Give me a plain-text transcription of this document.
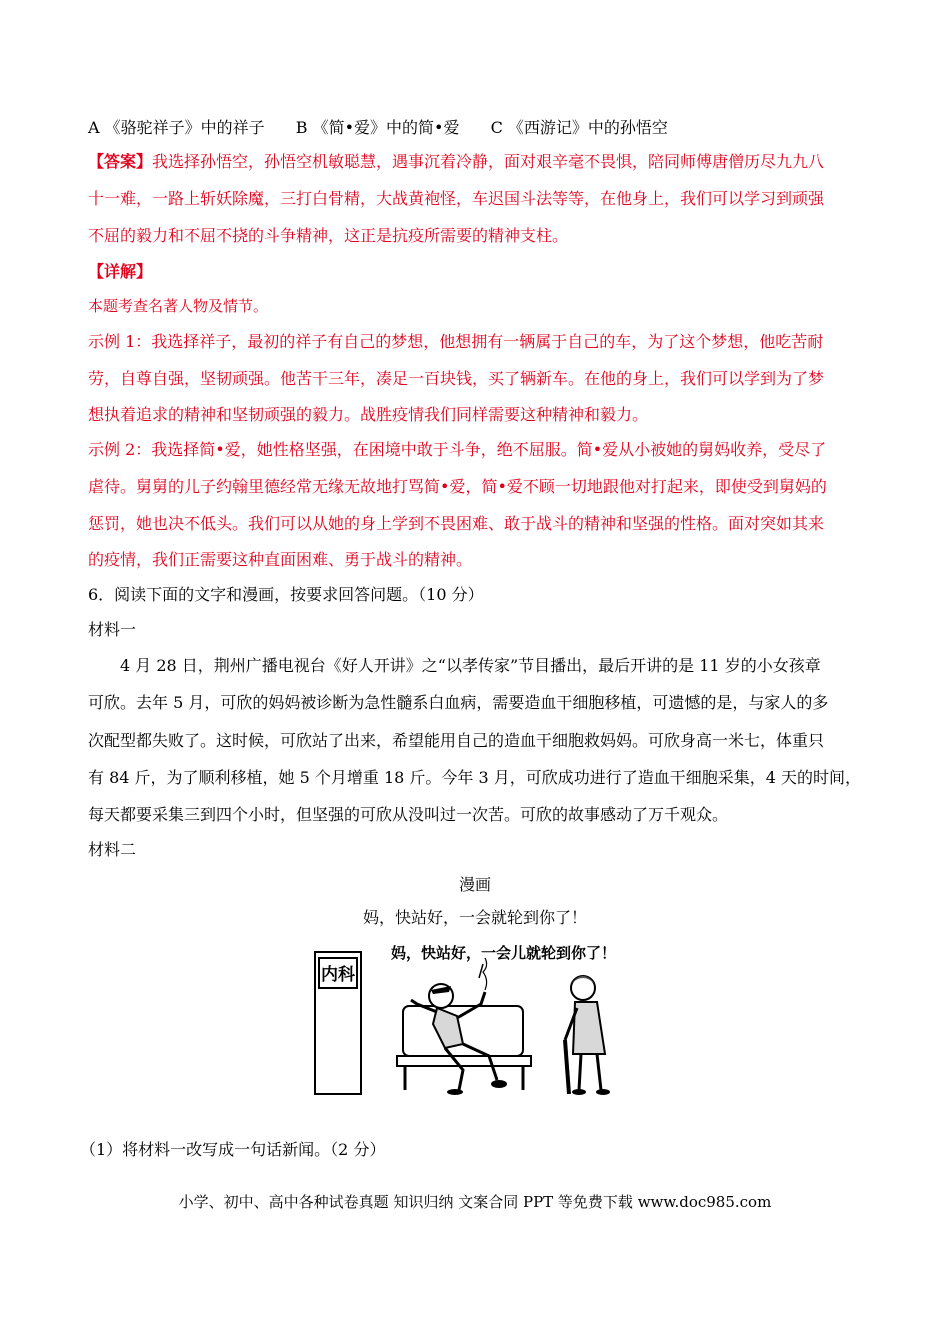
A 《骆驼祥子》中的祥子 B 《简•爱》中的简•爱 C 《西游记》中的孙悟空
【答案】我选择孙悟空，孙悟空机敏聪慧，遇事沉着冷静，面对艰辛毫不畏惧，陪同师傅唐僧历尽九九八
十一难，一路上斩妖除魔，三打白骨精，大战黄袍怪，车迟国斗法等等，在他身上，我们可以学习到顽强
不屈的毅力和不屈不挠的斗争精神，这正是抗疫所需要的精神支柱。
【详解】
本题考查名著人物及情节。
示例 1：我选择祥子，最初的祥子有自己的梦想，他想拥有一辆属于自己的车，为了这个梦想，他吃苦耐
劳，自尊自强，坚韧顽强。他苦干三年，凑足一百块钱，买了辆新车。在他的身上，我们可以学到为了梦
想执着追求的精神和坚韧顽强的毅力。战胜疫情我们同样需要这种精神和毅力。
示例 2：我选择简•爱，她性格坚强，在困境中敢于斗争，绝不屈服。简•爱从小被她的舅妈收养，受尽了
虐待。舅舅的儿子约翰里德经常无缘无故地打骂简•爱，简•爱不顾一切地跟他对打起来，即使受到舅妈的
惩罚，她也决不低头。我们可以从她的身上学到不畏困难、敢于战斗的精神和坚强的性格。面对突如其来
的疫情，我们正需要这种直面困难、勇于战斗的精神。
6．阅读下面的文字和漫画，按要求回答问题。（10 分）
材料一
4 月 28 日，荆州广播电视台《好人开讲》之“以孝传家”节目播出，最后开讲的是 11 岁的小女孩章
可欣。去年 5 月，可欣的妈妈被诊断为急性髓系白血病，需要造血干细胞移植，可遗憾的是，与家人的多
次配型都失败了。这时候，可欣站了出来，希望能用自己的造血干细胞救妈妈。可欣身高一米七，体重只
有 84 斤，为了顺利移植，她 5 个月增重 18 斤。今年 3 月，可欣成功进行了造血干细胞采集，4 天的时间，
每天都要采集三到四个小时，但坚强的可欣从没叫过一次苦。可欣的故事感动了万千观众。
材料二
漫画
妈，快站好，一会就轮到你了！
内科
妈，快站好，一会儿就轮到你了！
（1）将材料一改写成一句话新闻。（2 分）
小学、初中、高中各种试卷真题 知识归纳 文案合同 PPT 等免费下载 www.doc985.com
